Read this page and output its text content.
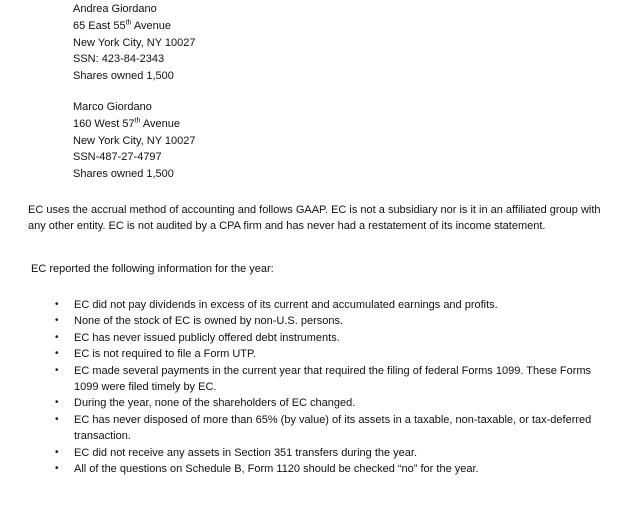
Andrea Giordano
65 East 55th Avenue
New York City, NY 10027
SSN: 423-84-2343
Shares owned 1,500
Marco Giordano
160 West 57th Avenue
New York City, NY 10027
SSN-487-27-4797
Shares owned 1,500

EC uses the accrual method of accounting and follows GAAP. EC is not a subsidiary nor is it in an affiliated group with any other entity. EC is not audited by a CPA firm and has never had a restatement of its income statement.

EC reported the following information for the year:

• EC did not pay dividends in excess of its current and accumulated earnings and profits.
• None of the stock of EC is owned by non-U.S. persons.
• EC has never issued publicly offered debt instruments.
• EC is not required to file a Form UTP.
• EC made several payments in the current year that required the filing of federal Forms 1099. These Forms 1099 were filed timely by EC.
• During the year, none of the shareholders of EC changed.
• EC has never disposed of more than 65% (by value) of its assets in a taxable, non-taxable, or tax-deferred transaction.
• EC did not receive any assets in Section 351 transfers during the year.
• All of the questions on Schedule B, Form 1120 should be checked “no” for the year.
